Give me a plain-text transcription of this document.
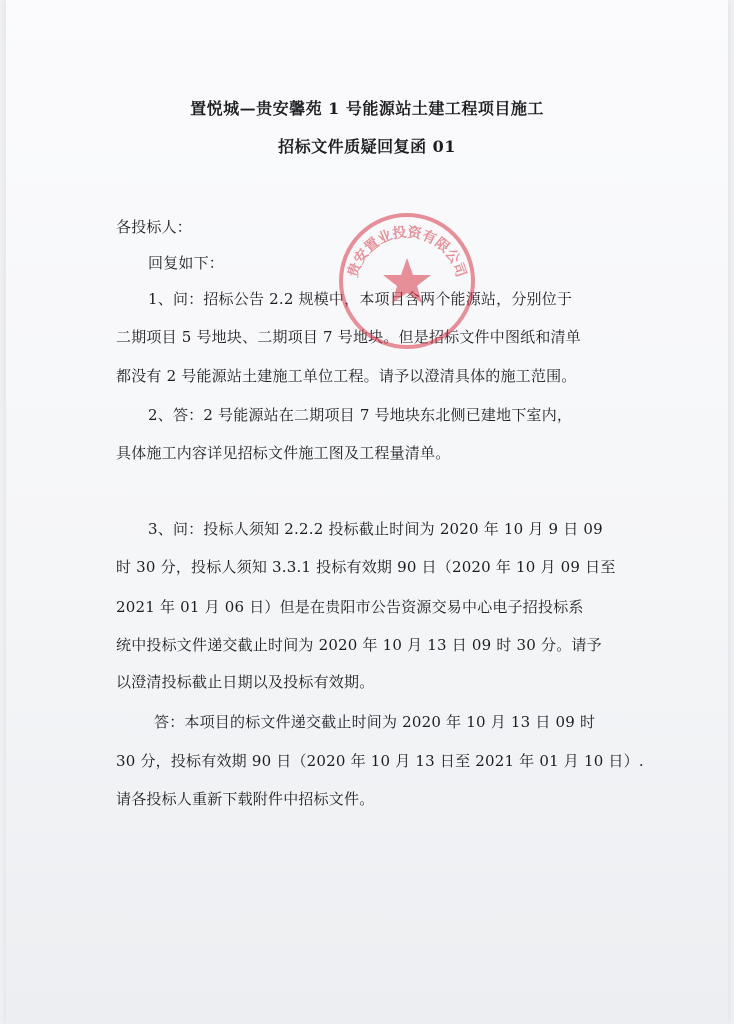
置悦城—贵安馨苑 1 号能源站土建工程项目施工
招标文件质疑回复函 01
各投标人：
回复如下：
1、问：招标公告 2.2 规模中，本项目含两个能源站，分别位于
二期项目 5 号地块、二期项目 7 号地块。但是招标文件中图纸和清单
都没有 2 号能源站土建施工单位工程。请予以澄清具体的施工范围。
2、答：2 号能源站在二期项目 7 号地块东北侧已建地下室内，
具体施工内容详见招标文件施工图及工程量清单。
3、问：投标人须知 2.2.2 投标截止时间为 2020 年 10 月 9 日 09
时 30 分，投标人须知 3.3.1 投标有效期 90 日（2020 年 10 月 09 日至
2021 年 01 月 06 日）但是在贵阳市公告资源交易中心电子招投标系
统中投标文件递交截止时间为 2020 年 10 月 13 日 09 时 30 分。请予
以澄清投标截止日期以及投标有效期。
答：本项目的标文件递交截止时间为 2020 年 10 月 13 日 09 时
30 分，投标有效期 90 日（2020 年 10 月 13 日至 2021 年 01 月 10 日）.
请各投标人重新下载附件中招标文件。
贵安置业投资有限公司
